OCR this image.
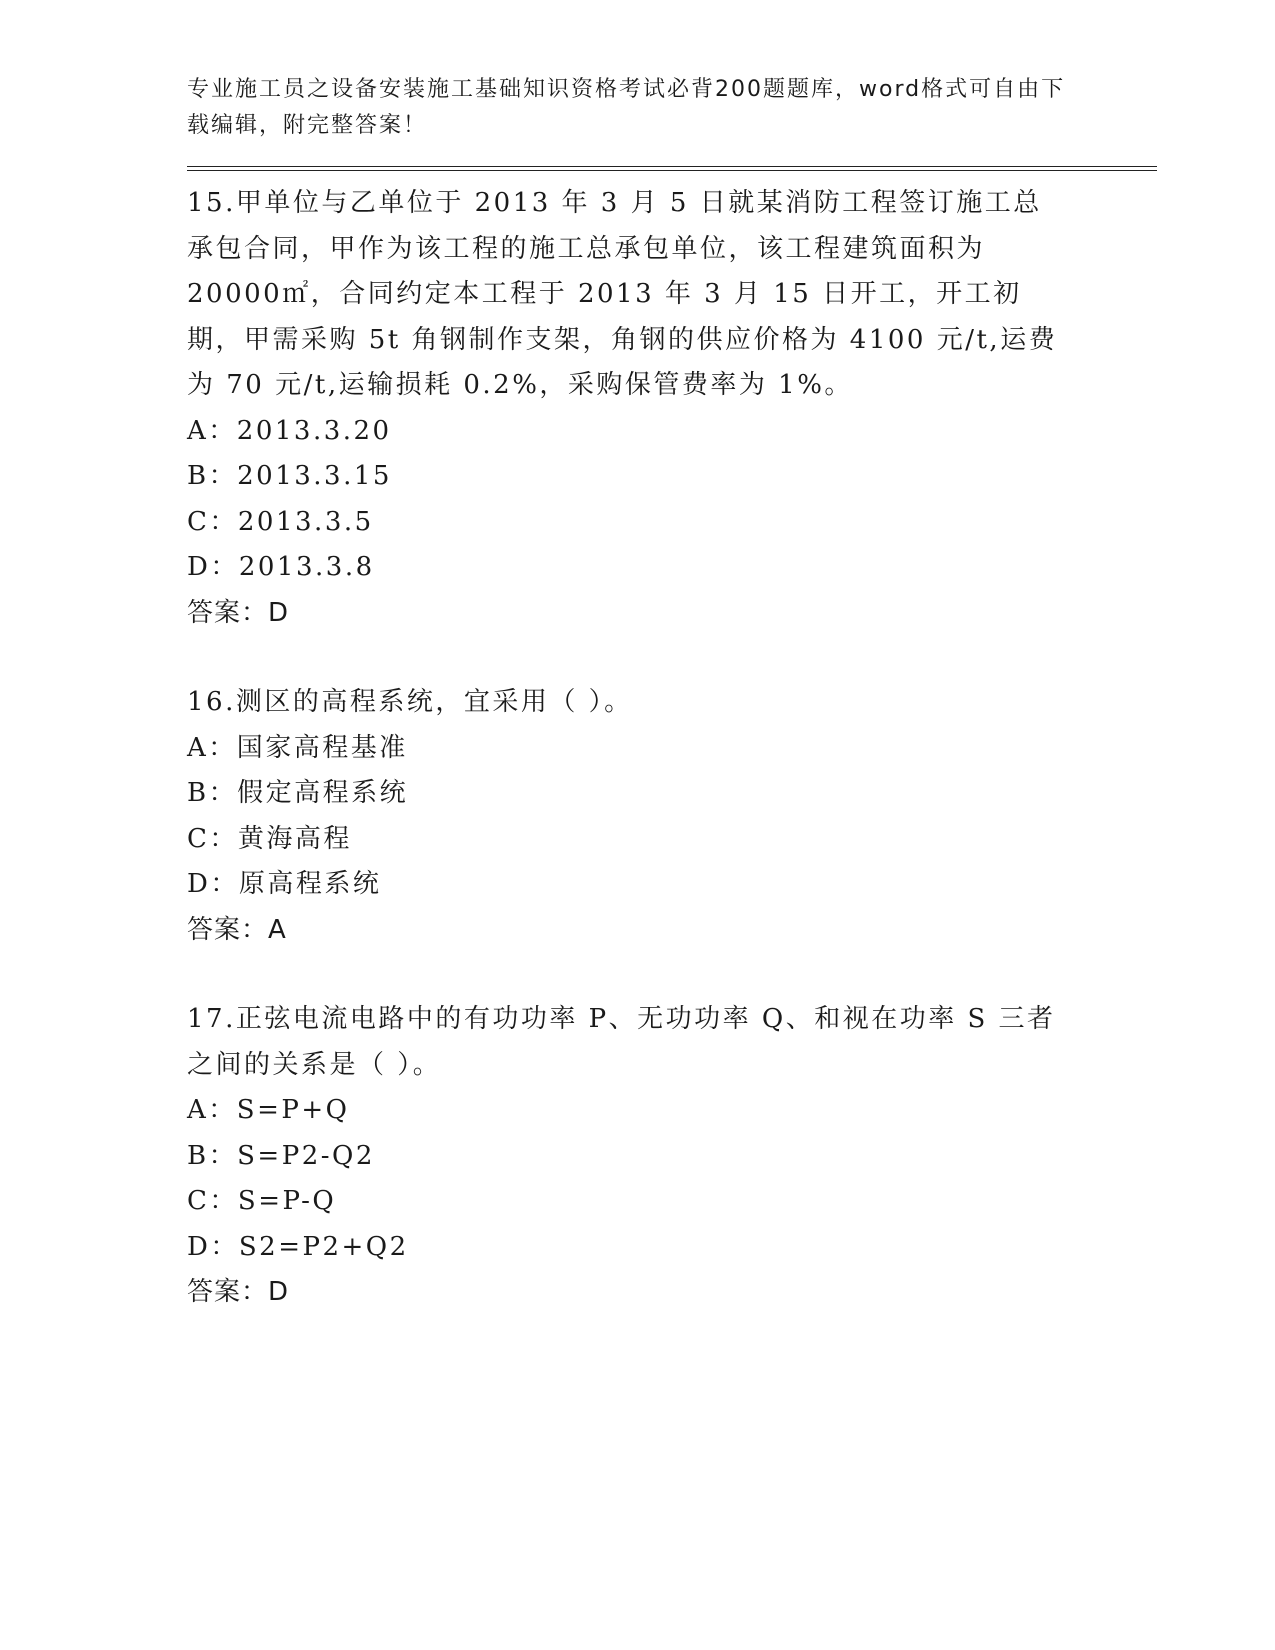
专业施工员之设备安装施工基础知识资格考试必背200题题库，word格式可自由下载编辑，附完整答案！
15.甲单位与乙单位于 2013 年 3 月 5 日就某消防工程签订施工总承包合同，甲作为该工程的施工总承包单位，该工程建筑面积为 20000㎡，合同约定本工程于 2013 年 3 月 15 日开工，开工初期，甲需采购 5t 角钢制作支架，角钢的供应价格为 4100 元/t,运费为 70 元/t,运输损耗 0.2%，采购保管费率为 1%。
A：2013.3.20
B：2013.3.15
C：2013.3.5
D：2013.3.8
答案：D
16.测区的高程系统，宜采用（ ）。
A：国家高程基准
B：假定高程系统
C：黄海高程
D：原高程系统
答案：A
17.正弦电流电路中的有功功率 P、无功功率 Q、和视在功率 S 三者之间的关系是（ ）。
A：S=P+Q
B：S=P2-Q2
C：S=P-Q
D：S2=P2+Q2
答案：D
